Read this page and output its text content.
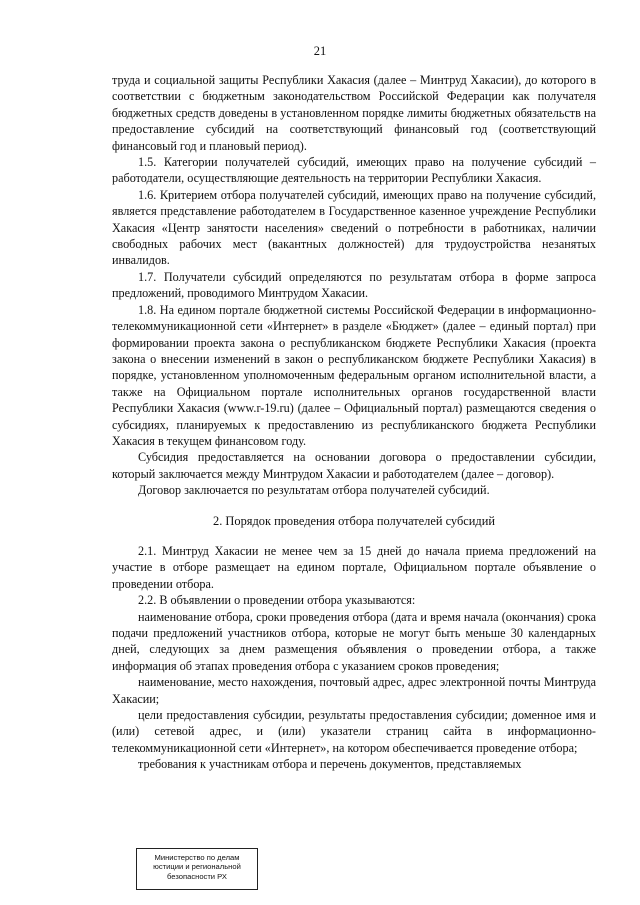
21

труда и социальной защиты Республики Хакасия (далее – Минтруд Хакасии), до которого в соответствии с бюджетным законодательством Российской Федерации как получателя бюджетных средств доведены в установленном порядке лимиты бюджетных обязательств на предоставление субсидий на соответствующий финансовый год (соответствующий финансовый год и плановый период).

1.5. Категории получателей субсидий, имеющих право на получение субсидий – работодатели, осуществляющие деятельность на территории Республики Хакасия.

1.6. Критерием отбора получателей субсидий, имеющих право на получение субсидий, является представление работодателем в Государственное казенное учреждение Республики Хакасия «Центр занятости населения» сведений о потребности в работниках, наличии свободных рабочих мест (вакантных должностей) для трудоустройства незанятых инвалидов.

1.7. Получатели субсидий определяются по результатам отбора в форме запроса предложений, проводимого Минтрудом Хакасии.

1.8. На едином портале бюджетной системы Российской Федерации в информационно-телекоммуникационной сети «Интернет» в разделе «Бюджет» (далее – единый портал) при формировании проекта закона о республиканском бюджете Республики Хакасия (проекта закона о внесении изменений в закон о республиканском бюджете Республики Хакасия) в порядке, установленном уполномоченным федеральным органом исполнительной власти, а также на Официальном портале исполнительных органов государственной власти Республики Хакасия (www.r-19.ru) (далее – Официальный портал) размещаются сведения о субсидиях, планируемых к предоставлению из республиканского бюджета Республики Хакасия в текущем финансовом году.

Субсидия предоставляется на основании договора о предоставлении субсидии, который заключается между Минтрудом Хакасии и работодателем (далее – договор).

Договор заключается по результатам отбора получателей субсидий.

2. Порядок проведения отбора получателей субсидий

2.1. Минтруд Хакасии не менее чем за 15 дней до начала приема предложений на участие в отборе размещает на едином портале, Официальном портале объявление о проведении отбора.

2.2. В объявлении о проведении отбора указываются:

наименование отбора, сроки проведения отбора (дата и время начала (окончания) срока подачи предложений участников отбора, которые не могут быть меньше 30 календарных дней, следующих за днем размещения объявления о проведении отбора, а также информация об этапах проведения отбора с указанием сроков проведения;

наименование, место нахождения, почтовый адрес, адрес электронной почты Минтруда Хакасии;

цели предоставления субсидии, результаты предоставления субсидии; доменное имя и (или) сетевой адрес, и (или) указатели страниц сайта в информационно-телекоммуникационной сети «Интернет», на котором обеспечивается проведение отбора;

требования к участникам отбора и перечень документов, представляемых

Министерство по делам
юстиции и региональной
безопасности РХ
